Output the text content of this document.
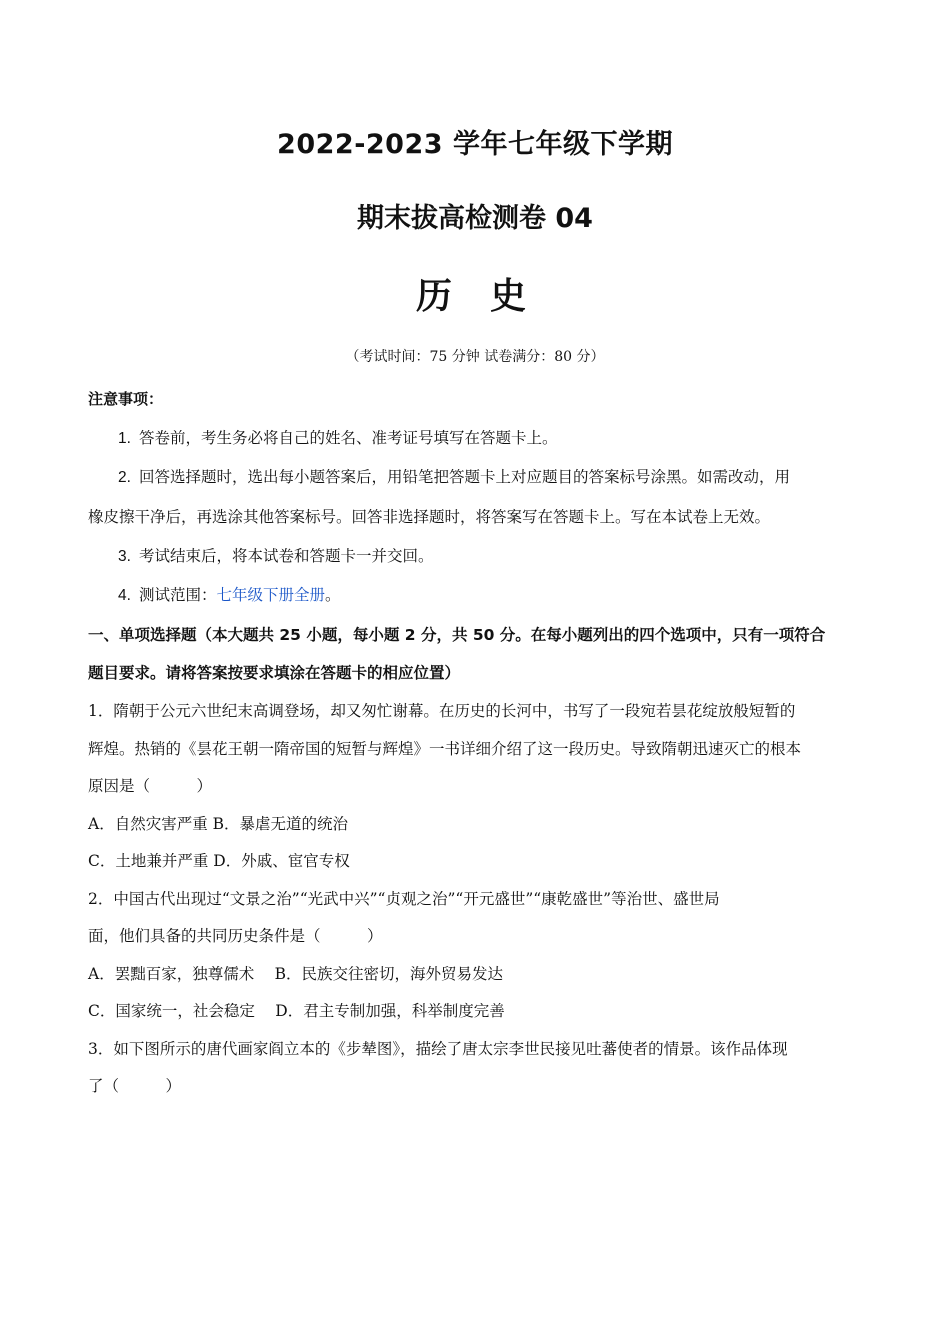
2022-2023 学年七年级下学期
期末拔高检测卷 04
历 史
（考试时间：75 分钟 试卷满分：80 分）
注意事项：
1. 答卷前，考生务必将自己的姓名、准考证号填写在答题卡上。
2. 回答选择题时，选出每小题答案后，用铅笔把答题卡上对应题目的答案标号涂黑。如需改动，用
橡皮擦干净后，再选涂其他答案标号。回答非选择题时，将答案写在答题卡上。写在本试卷上无效。
3. 考试结束后，将本试卷和答题卡一并交回。
4. 测试范围：七年级下册全册。
一、单项选择题（本大题共 25 小题，每小题 2 分，共 50 分。在每小题列出的四个选项中，只有一项符合
题目要求。请将答案按要求填涂在答题卡的相应位置）
1．隋朝于公元六世纪末高调登场，却又匆忙谢幕。在历史的长河中，书写了一段宛若昙花绽放般短暂的
辉煌。热销的《昙花王朝一隋帝国的短暂与辉煌》一书详细介绍了这一段历史。导致隋朝迅速灭亡的根本
原因是（　　　）
A．自然灾害严重 B．暴虐无道的统治
C．土地兼并严重 D．外戚、宦官专权
2．中国古代出现过“文景之治”“光武中兴”“贞观之治”“开元盛世”“康乾盛世”等治世、盛世局
面，他们具备的共同历史条件是（　　　）
A．罢黜百家，独尊儒术　 B．民族交往密切，海外贸易发达
C．国家统一，社会稳定　 D．君主专制加强，科举制度完善
3．如下图所示的唐代画家阎立本的《步辇图》，描绘了唐太宗李世民接见吐蕃使者的情景。该作品体现
了（　　　）
